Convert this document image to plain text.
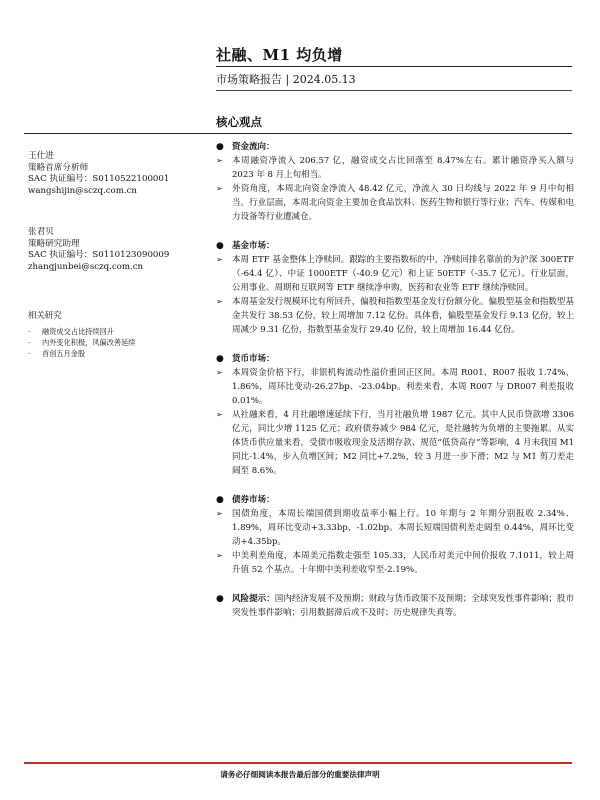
社融、M1 均负增
市场策略报告 | 2024.05.13
核心观点
王仕进
策略首席分析师
SAC 执证编号：S0110522100001
wangshijin@sczq.com.cn
张君贝
策略研究助理
SAC 执证编号：S0110123090009
zhangjunbei@sczq.com.cn
相关研究
· 融资成交占比持续回升
· 内外变化积极，风偏改善延续
· 首创五月金股
● 资金流向：
➢	本周融资净流入 206.57 亿，融资成交占比回落至 8.47%左右。累计融资净买入额与 2023 年 8 月上旬相当。
➢	外资角度，本周北向资金净流入 48.42 亿元，净流入 30 日均线与 2022 年 9 月中旬相当。行业层面，本周北向资金主要加仓食品饮料、医药生物和银行等行业；汽车、传媒和电力设备等行业遭减仓。
● 基金市场：
➢	本周 ETF 基金整体上净赎回。跟踪的主要指数标的中，净赎回排名靠前的为沪深 300ETF（-64.4 亿）、中证 1000ETF（-40.9 亿元）和上证 50ETF（-35.7 亿元）。行业层面，公用事业、周期和互联网等 ETF 继续净申购，医药和农业等 ETF 继续净赎回。
➢	本周基金发行规模环比有所回升，偏股和指数型基金发行份额分化。偏股型基金和指数型基金共发行 38.53 亿份，较上周增加 7.12 亿份。具体看，偏股型基金发行 9.13 亿份，较上周减少 9.31 亿份，指数型基金发行 29.40 亿份，较上周增加 16.44 亿份。
● 货币市场：
➢	本周资金价格下行，非银机构流动性溢价重回正区间。本周 R001、R007 报收 1.74%、1.86%，周环比变动-26.27bp、-23.04bp。利差来看，本周 R007 与 DR007 利差报收 0.01%。
➢	从社融来看，4 月社融增速延续下行，当月社融负增 1987 亿元。其中人民币贷款增 3306 亿元，同比少增 1125 亿元；政府债券减少 984 亿元，是社融转为负增的主要拖累。从实体货币供应量来看，受债市吸收现金及活期存款、规范“低贷高存”等影响，4 月末我国 M1 同比-1.4%，步入负增区间；M2 同比+7.2%，较 3 月进一步下滑；M2 与 M1 剪刀差走阔至 8.6%。
● 债券市场：
➢	国债角度，本周长端国债到期收益率小幅上行。10 年期与 2 年期分别报收 2.34%、1.89%，周环比变动+3.33bp、-1.02bp。本周长短端国债利差走阔至 0.44%，周环比变动+4.35bp。
➢	中美利差角度，本周美元指数走强至 105.33，人民币对美元中间价报收 7.1011，较上周升值 52 个基点。十年期中美利差收窄至-2.19%。
● 风险提示：国内经济发展不及预期；财政与货币政策不及预期；全球突发性事件影响；股市突发性事件影响；引用数据滞后或不及时；历史规律失真等。
请务必仔细阅读本报告最后部分的重要法律声明
